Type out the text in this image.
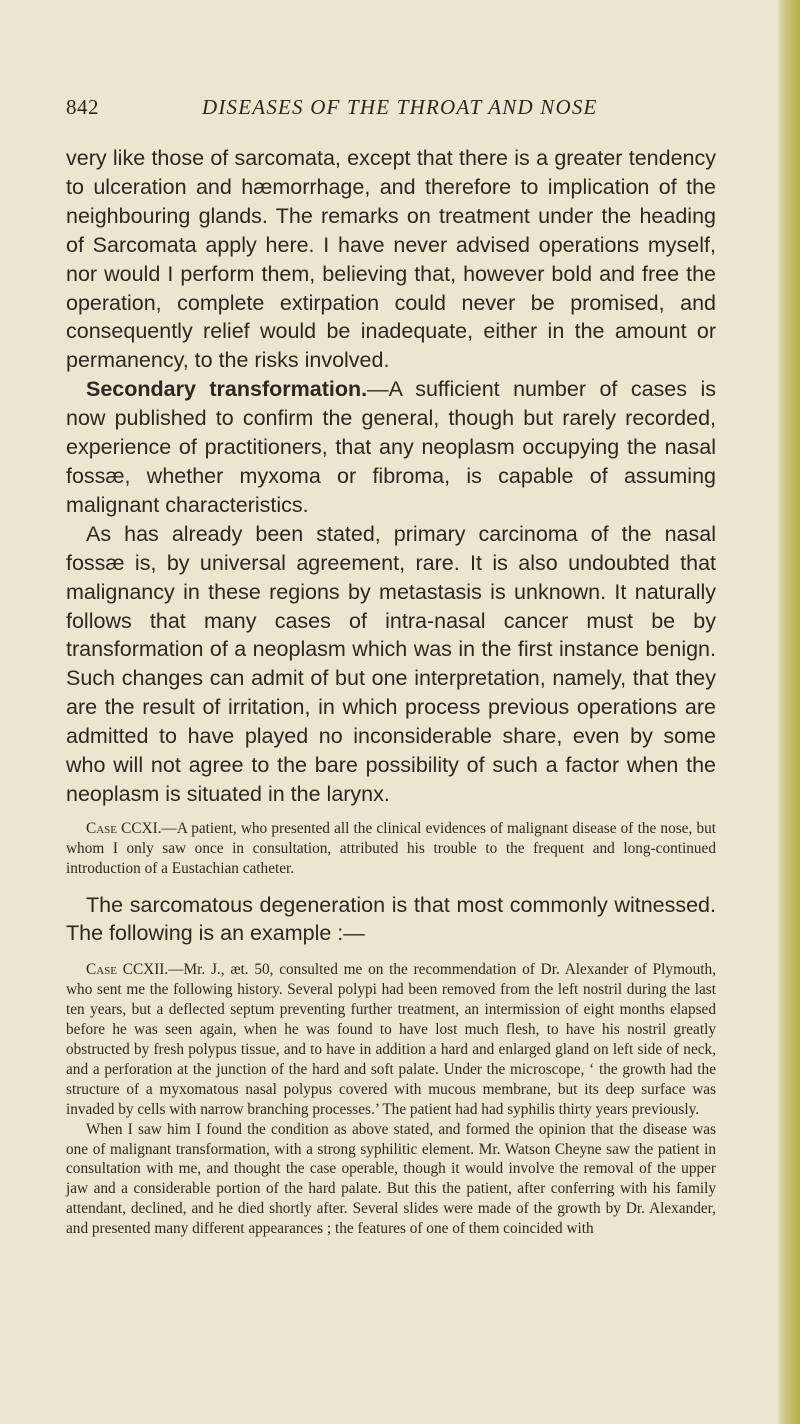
842	DISEASES OF THE THROAT AND NOSE

very like those of sarcomata, except that there is a greater tendency to ulceration and hæmorrhage, and therefore to implication of the neighbouring glands. The remarks on treatment under the heading of Sarcomata apply here. I have never advised operations myself, nor would I perform them, believing that, however bold and free the operation, complete extirpation could never be promised, and consequently relief would be inadequate, either in the amount or permanency, to the risks involved.

Secondary transformation.—A sufficient number of cases is now published to confirm the general, though but rarely recorded, experience of practitioners, that any neoplasm occupying the nasal fossæ, whether myxoma or fibroma, is capable of assuming malignant characteristics.

As has already been stated, primary carcinoma of the nasal fossæ is, by universal agreement, rare. It is also undoubted that malignancy in these regions by metastasis is unknown. It naturally follows that many cases of intra-nasal cancer must be by transformation of a neoplasm which was in the first instance benign. Such changes can admit of but one interpretation, namely, that they are the result of irritation, in which process previous operations are admitted to have played no inconsiderable share, even by some who will not agree to the bare possibility of such a factor when the neoplasm is situated in the larynx.

Case CCXI.—A patient, who presented all the clinical evidences of malignant disease of the nose, but whom I only saw once in consultation, attributed his trouble to the frequent and long-continued introduction of a Eustachian catheter.

The sarcomatous degeneration is that most commonly witnessed. The following is an example :—

Case CCXII.—Mr. J., æt. 50, consulted me on the recommendation of Dr. Alexander of Plymouth, who sent me the following history. Several polypi had been removed from the left nostril during the last ten years, but a deflected septum preventing further treatment, an intermission of eight months elapsed before he was seen again, when he was found to have lost much flesh, to have his nostril greatly obstructed by fresh polypus tissue, and to have in addition a hard and enlarged gland on left side of neck, and a perforation at the junction of the hard and soft palate. Under the microscope, ‘ the growth had the structure of a myxomatous nasal polypus covered with mucous membrane, but its deep surface was invaded by cells with narrow branching processes.’ The patient had had syphilis thirty years previously.

When I saw him I found the condition as above stated, and formed the opinion that the disease was one of malignant transformation, with a strong syphilitic element. Mr. Watson Cheyne saw the patient in consultation with me, and thought the case operable, though it would involve the removal of the upper jaw and a considerable portion of the hard palate. But this the patient, after conferring with his family attendant, declined, and he died shortly after. Several slides were made of the growth by Dr. Alexander, and presented many different appearances ; the features of one of them coincided with
